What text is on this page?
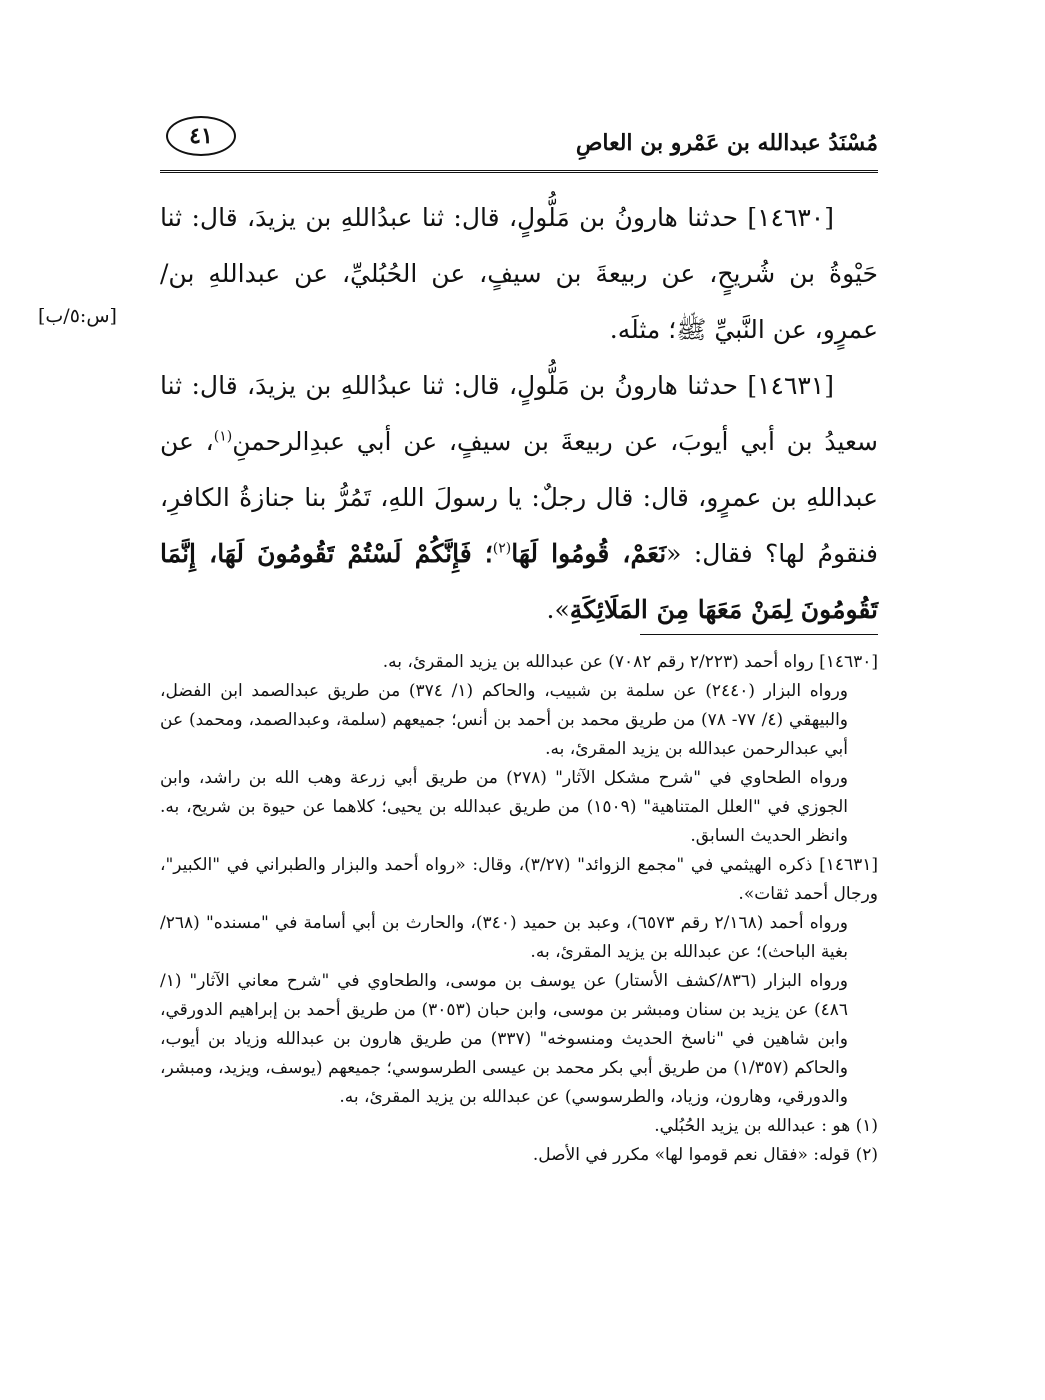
مُسْنَدُ عبدالله بن عَمْرو بن العاصِ
٤١
[س:٥/ب]

[١٤٦٣٠] حدثنا هارونُ بن مَلُّولٍ، قال: ثنا عبدُاللهِ بن يزيدَ، قال: ثنا حَيْوةُ بن شُريحٍ، عن ربيعةَ بن سيفٍ، عن الحُبُليِّ، عن عبداللهِ بن/ عمرٍو، عن النَّبيِّ ﷺ؛ مثلَه.

[١٤٦٣١] حدثنا هارونُ بن مَلُّولٍ، قال: ثنا عبدُاللهِ بن يزيدَ، قال: ثنا سعيدُ بن أبي أيوبَ، عن ربيعةَ بن سيفٍ، عن أبي عبدِالرحمنِ$^{(١)}$، عن عبداللهِ بن عمرٍو، قال: قال رجلٌ: يا رسولَ اللهِ، تَمُرُّ بنا جنازةُ الكافرِ، فنقومُ لها؟ فقال: «نَعَمْ، قُومُوا لَهَا$^{(٢)}$؛ فَإِنَّكُمْ لَسْتُمْ تَقُومُونَ لَهَا، إِنَّمَا تَقُومُونَ لِمَنْ مَعَهَا مِنَ المَلَائِكَةِ».

[١٤٦٣٠] رواه أحمد (٢/٢٢٣ رقم ٧٠٨٢) عن عبدالله بن يزيد المقرئ، به.

ورواه البزار (٢٤٤٠) عن سلمة بن شبيب، والحاكم (١/ ٣٧٤) من طريق عبدالصمد ابن الفضل، والبيهقي (٤/ ٧٧- ٧٨) من طريق محمد بن أحمد بن أنس؛ جميعهم (سلمة، وعبدالصمد، ومحمد) عن أبي عبدالرحمن عبدالله بن يزيد المقرئ، به.

ورواه الطحاوي في "شرح مشكل الآثار" (٢٧٨) من طريق أبي زرعة وهب الله بن راشد، وابن الجوزي في "العلل المتناهية" (١٥٠٩) من طريق عبدالله بن يحيى؛ كلاهما عن حيوة بن شريح، به. وانظر الحديث السابق.

[١٤٦٣١] ذكره الهيثمي في "مجمع الزوائد" (٣/٢٧)، وقال: «رواه أحمد والبزار والطبراني في "الكبير"، ورجال أحمد ثقات».

ورواه أحمد (٢/١٦٨ رقم ٦٥٧٣)، وعبد بن حميد (٣٤٠)، والحارث بن أبي أسامة في "مسنده" (٢٦٨/بغية الباحث)؛ عن عبدالله بن يزيد المقرئ، به.

ورواه البزار (٨٣٦/كشف الأستار) عن يوسف بن موسى، والطحاوي في "شرح معاني الآثار" (١/ ٤٨٦) عن يزيد بن سنان ومبشر بن موسى، وابن حبان (٣٠٥٣) من طريق أحمد بن إبراهيم الدورقي، وابن شاهين في "ناسخ الحديث ومنسوخه" (٣٣٧) من طريق هارون بن عبدالله وزياد بن أيوب، والحاكم (١/٣٥٧) من طريق أبي بكر محمد بن عيسى الطرسوسي؛ جميعهم (يوسف، ويزيد، ومبشر، والدورقي، وهارون، وزياد، والطرسوسي) عن عبدالله بن يزيد المقرئ، به.

(١) هو : عبدالله بن يزيد الحُبُلي.

(٢) قوله: «فقال نعم قوموا لها» مكرر في الأصل.
